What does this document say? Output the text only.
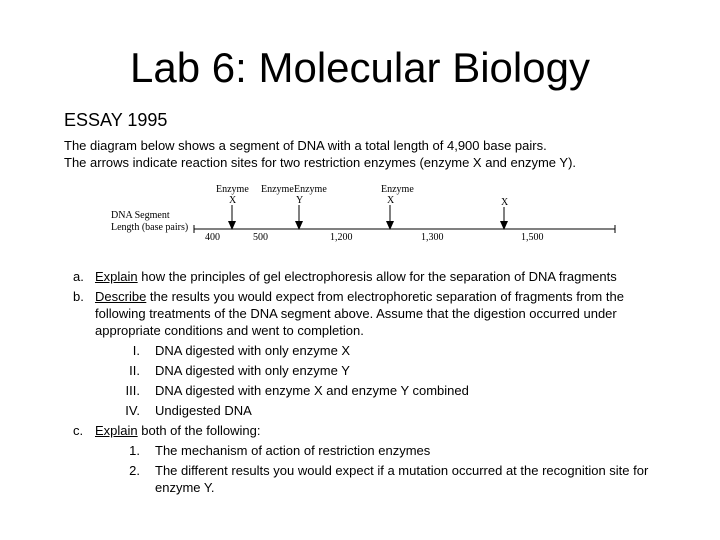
Lab 6: Molecular Biology
ESSAY 1995
The diagram below shows a segment of DNA with a total length of 4,900 base pairs.
The arrows indicate reaction sites for two restriction enzymes (enzyme X and enzyme Y).
DNA Segment
Length (base pairs)
Enzyme
X
Enzyme Enzyme
Y
Enzyme
X	X
400	500	1,200	1,300	1,500
a. Explain how the principles of gel electrophoresis allow for the separation of DNA fragments
b. Describe the results you would expect from electrophoretic separation of fragments from the
following treatments of the DNA segment above. Assume that the digestion occurred under
appropriate conditions and went to completion.
I. DNA digested with only enzyme X
II. DNA digested with only enzyme Y
III. DNA digested with enzyme X and enzyme Y combined
IV. Undigested DNA
c. Explain both of the following:
1. The mechanism of action of restriction enzymes
2. The different results you would expect if a mutation occurred at the recognition site for
enzyme Y.
